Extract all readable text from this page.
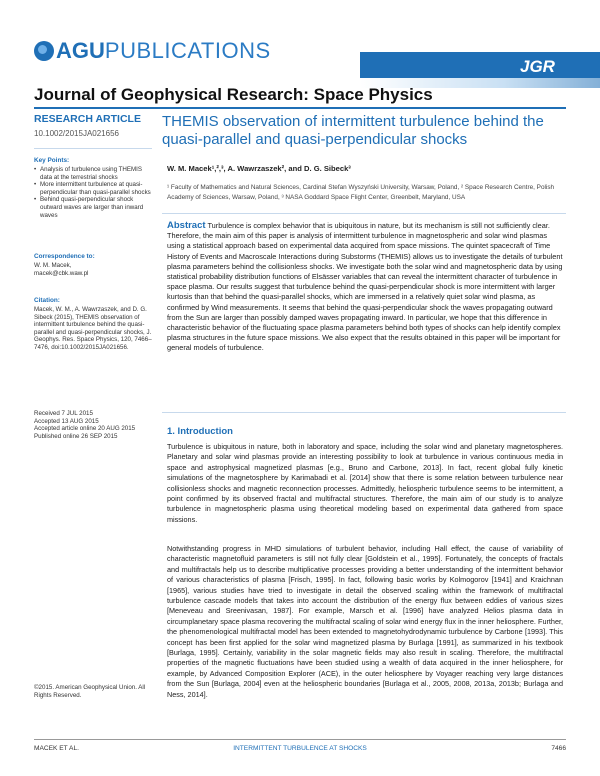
AGUPUBLICATIONS
JGR
Journal of Geophysical Research: Space Physics
RESEARCH ARTICLE
10.1002/2015JA021656
Key Points:
• Analysis of turbulence using THEMIS data at the terrestrial shocks
• More intermittent turbulence at quasi-perpendicular than quasi-parallel shocks
• Behind quasi-perpendicular shock outward waves are larger than inward waves
Correspondence to:
W. M. Macek,
macek@cbk.waw.pl
Citation:
Macek, W. M., A. Wawrzaszek, and D. G. Sibeck (2015), THEMIS observation of intermittent turbulence behind the quasi-parallel and quasi-perpendicular shocks, J. Geophys. Res. Space Physics, 120, 7466–7476, doi:10.1002/2015JA021656.
Received 7 JUL 2015
Accepted 13 AUG 2015
Accepted article online 20 AUG 2015
Published online 26 SEP 2015
©2015. American Geophysical Union. All Rights Reserved.
THEMIS observation of intermittent turbulence behind the quasi-parallel and quasi-perpendicular shocks
W. M. Macek¹,²,³, A. Wawrzaszek², and D. G. Sibeck³
¹ Faculty of Mathematics and Natural Sciences, Cardinal Stefan Wyszyński University, Warsaw, Poland, ² Space Research Centre, Polish Academy of Sciences, Warsaw, Poland, ³ NASA Goddard Space Flight Center, Greenbelt, Maryland, USA
Abstract Turbulence is complex behavior that is ubiquitous in nature, but its mechanism is still not sufficiently clear. Therefore, the main aim of this paper is analysis of intermittent turbulence in magnetospheric and solar wind plasmas using a statistical approach based on experimental data acquired from space missions. The quintet spacecraft of Time History of Events and Macroscale Interactions during Substorms (THEMIS) allows us to investigate the details of turbulent plasma parameters behind the collisionless shocks. We investigate both the solar wind and magnetospheric data by using statistical probability distribution functions of Elsässer variables that can reveal the intermittent character of turbulence in space plasma. Our results suggest that turbulence behind the quasi-perpendicular shock is more intermittent with larger kurtosis than that behind the quasi-parallel shocks, which are immersed in a relatively quiet solar wind plasma, as confirmed by Wind measurements. It seems that behind the quasi-perpendicular shock the waves propagating outward from the Sun are larger than possibly damped waves propagating inward. In particular, we hope that this difference in characteristic behavior of the fluctuating space plasma parameters behind both types of shocks can help identify complex plasma structures in the future space missions. We also expect that the results obtained in this paper will be important for general models of turbulence.
1. Introduction
Turbulence is ubiquitous in nature, both in laboratory and space, including the solar wind and planetary magnetospheres. Planetary and solar wind plasmas provide an interesting possibility to look at turbulence in various continuous media in space and astrophysical magnetized plasmas [e.g., Bruno and Carbone, 2013]. In fact, recent global fully kinetic simulations of the magnetosphere by Karimabadi et al. [2014] show that there is some relation between turbulence near collisionless shocks and magnetic reconnection processes. Admittedly, heliospheric turbulence seems to be intermittent, a point confirmed by its observed fractal and multifractal structures. Therefore, the main aim of our study is to analyze turbulence in magnetospheric plasma using theoretical modeling based on experimental data gathered from space missions.
Notwithstanding progress in MHD simulations of turbulent behavior, including Hall effect, the cause of variability of characteristic magnetofluid parameters is still not fully clear [Goldstein et al., 1995]. Fortunately, the concepts of fractals and multifractals help us to describe multiplicative processes providing a better understanding of the intermittent behavior of various characteristics of plasma [Frisch, 1995]. In fact, following basic works by Kolmogorov [1941] and Kraichnan [1965], various studies have tried to investigate in detail the observed scaling within the framework of multifractal turbulence cascade models that takes into account the distribution of the energy flux between eddies of various sizes [Meneveau and Sreenivasan, 1987]. For example, Marsch et al. [1996] have analyzed Helios plasma data in circumplanetary space plasma recovering the multifractal scaling of solar wind energy flux in the inner heliosphere. Further, the phenomenological multifractal model has been extended to magnetohydrodynamic turbulence by Carbone [1993]. This concept has been first applied for the solar wind magnetized plasma by Burlaga [1991], as summarized in his textbook [Burlaga, 1995]. Certainly, variability in the solar magnetic fields may also result in scaling. Therefore, the multifractal properties of the magnetic fluctuations have been studied using a wealth of data acquired in the inner heliosphere, for example, by Advanced Composition Explorer (ACE), in the outer heliosphere by Voyager reaching very large distances from the Sun [Burlaga, 2004] even at the heliospheric boundaries [Burlaga et al., 2005, 2008, 2013a, 2013b; Burlaga and Ness, 2014].
MACEK ET AL.	INTERMITTENT TURBULENCE AT SHOCKS	7466
